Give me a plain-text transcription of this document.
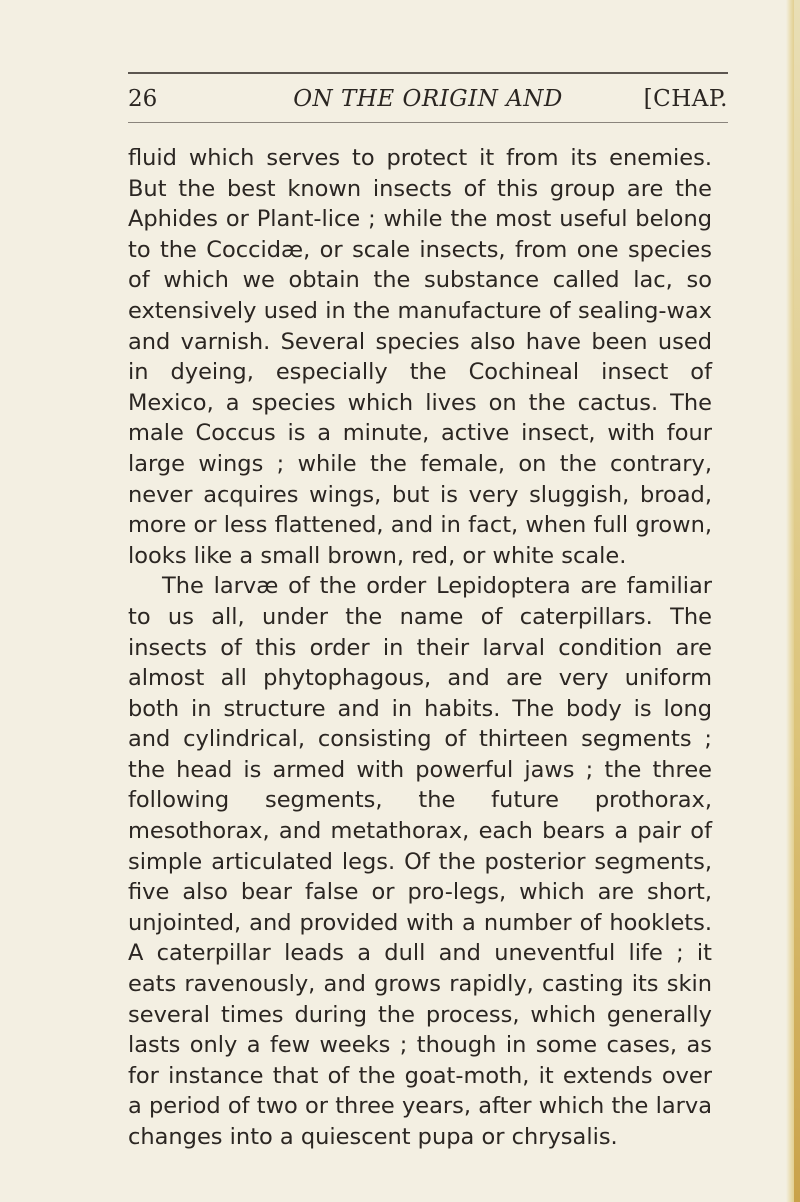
26	ON THE ORIGIN AND	[CHAP.

fluid which serves to protect it from its enemies. But the best known insects of this group are the Aphides or Plant-lice ; while the most useful belong to the Coccidæ, or scale insects, from one species of which we obtain the substance called lac, so extensively used in the manufacture of sealing-wax and varnish. Several species also have been used in dyeing, especially the Cochineal insect of Mexico, a species which lives on the cactus. The male Coccus is a minute, active insect, with four large wings ; while the female, on the contrary, never acquires wings, but is very sluggish, broad, more or less flattened, and in fact, when full grown, looks like a small brown, red, or white scale.

The larvæ of the order Lepidoptera are familiar to us all, under the name of caterpillars. The insects of this order in their larval condition are almost all phytophagous, and are very uniform both in structure and in habits. The body is long and cylindrical, consisting of thirteen segments ; the head is armed with powerful jaws ; the three following segments, the future prothorax, mesothorax, and metathorax, each bears a pair of simple articulated legs. Of the posterior segments, five also bear false or pro-legs, which are short, unjointed, and provided with a number of hooklets. A caterpillar leads a dull and uneventful life ; it eats ravenously, and grows rapidly, casting its skin several times during the process, which generally lasts only a few weeks ; though in some cases, as for instance that of the goat-moth, it extends over a period of two or three years, after which the larva changes into a quiescent pupa or chrysalis.
